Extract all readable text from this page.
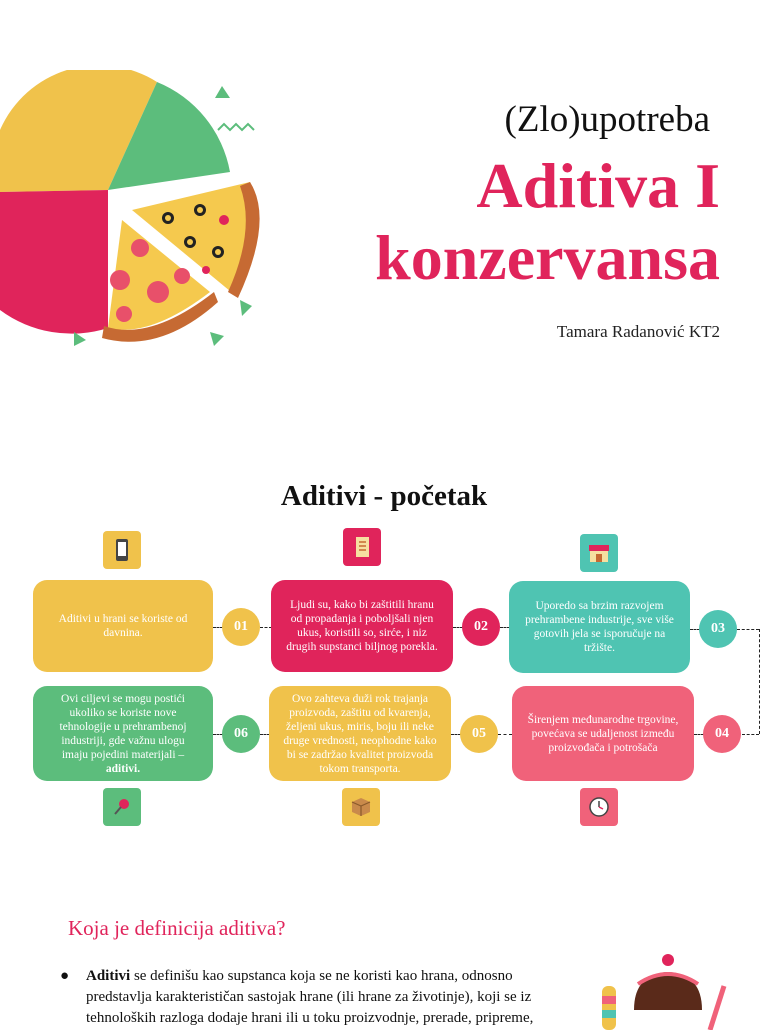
(Zlo)upotreba
Aditiva I
konzervansa
Tamara Radanović KT2
Aditivi - početak
Aditivi u hrani se koriste od davnina.	01
Ljudi su, kako bi zaštitili hranu od propadanja i poboljšali njen ukus, koristili so, sirće, i niz drugih supstanci biljnog porekla.
02
Uporedo sa brzim razvojem prehrambene industrije, sve više gotovih jela se isporučuje na tržište.
03
Ovi ciljevi se mogu postići ukoliko se koriste nove tehnologije u prehrambenoj industriji, gde važnu ulogu imaju pojedini materijali – aditivi.
06
Ovo zahteva duži rok trajanja proizvoda, zaštitu od kvarenja, željeni ukus, miris, boju ili neke druge vrednosti, neophodne kako bi se zadržao kvalitet proizvoda tokom transporta.
05
Širenjem međunarodne trgovine, povećava se udaljenost između proizvođača i potrošača
04
Koja je definicija aditiva?
● Aditivi se definišu kao supstanca koja se ne koristi kao hrana, odnosno predstavlja karakterističan sastojak hrane (ili hrane za životinje), koji se iz tehnoloških razloga dodaje hrani ili u toku proizvodnje, prerade, pripreme,
